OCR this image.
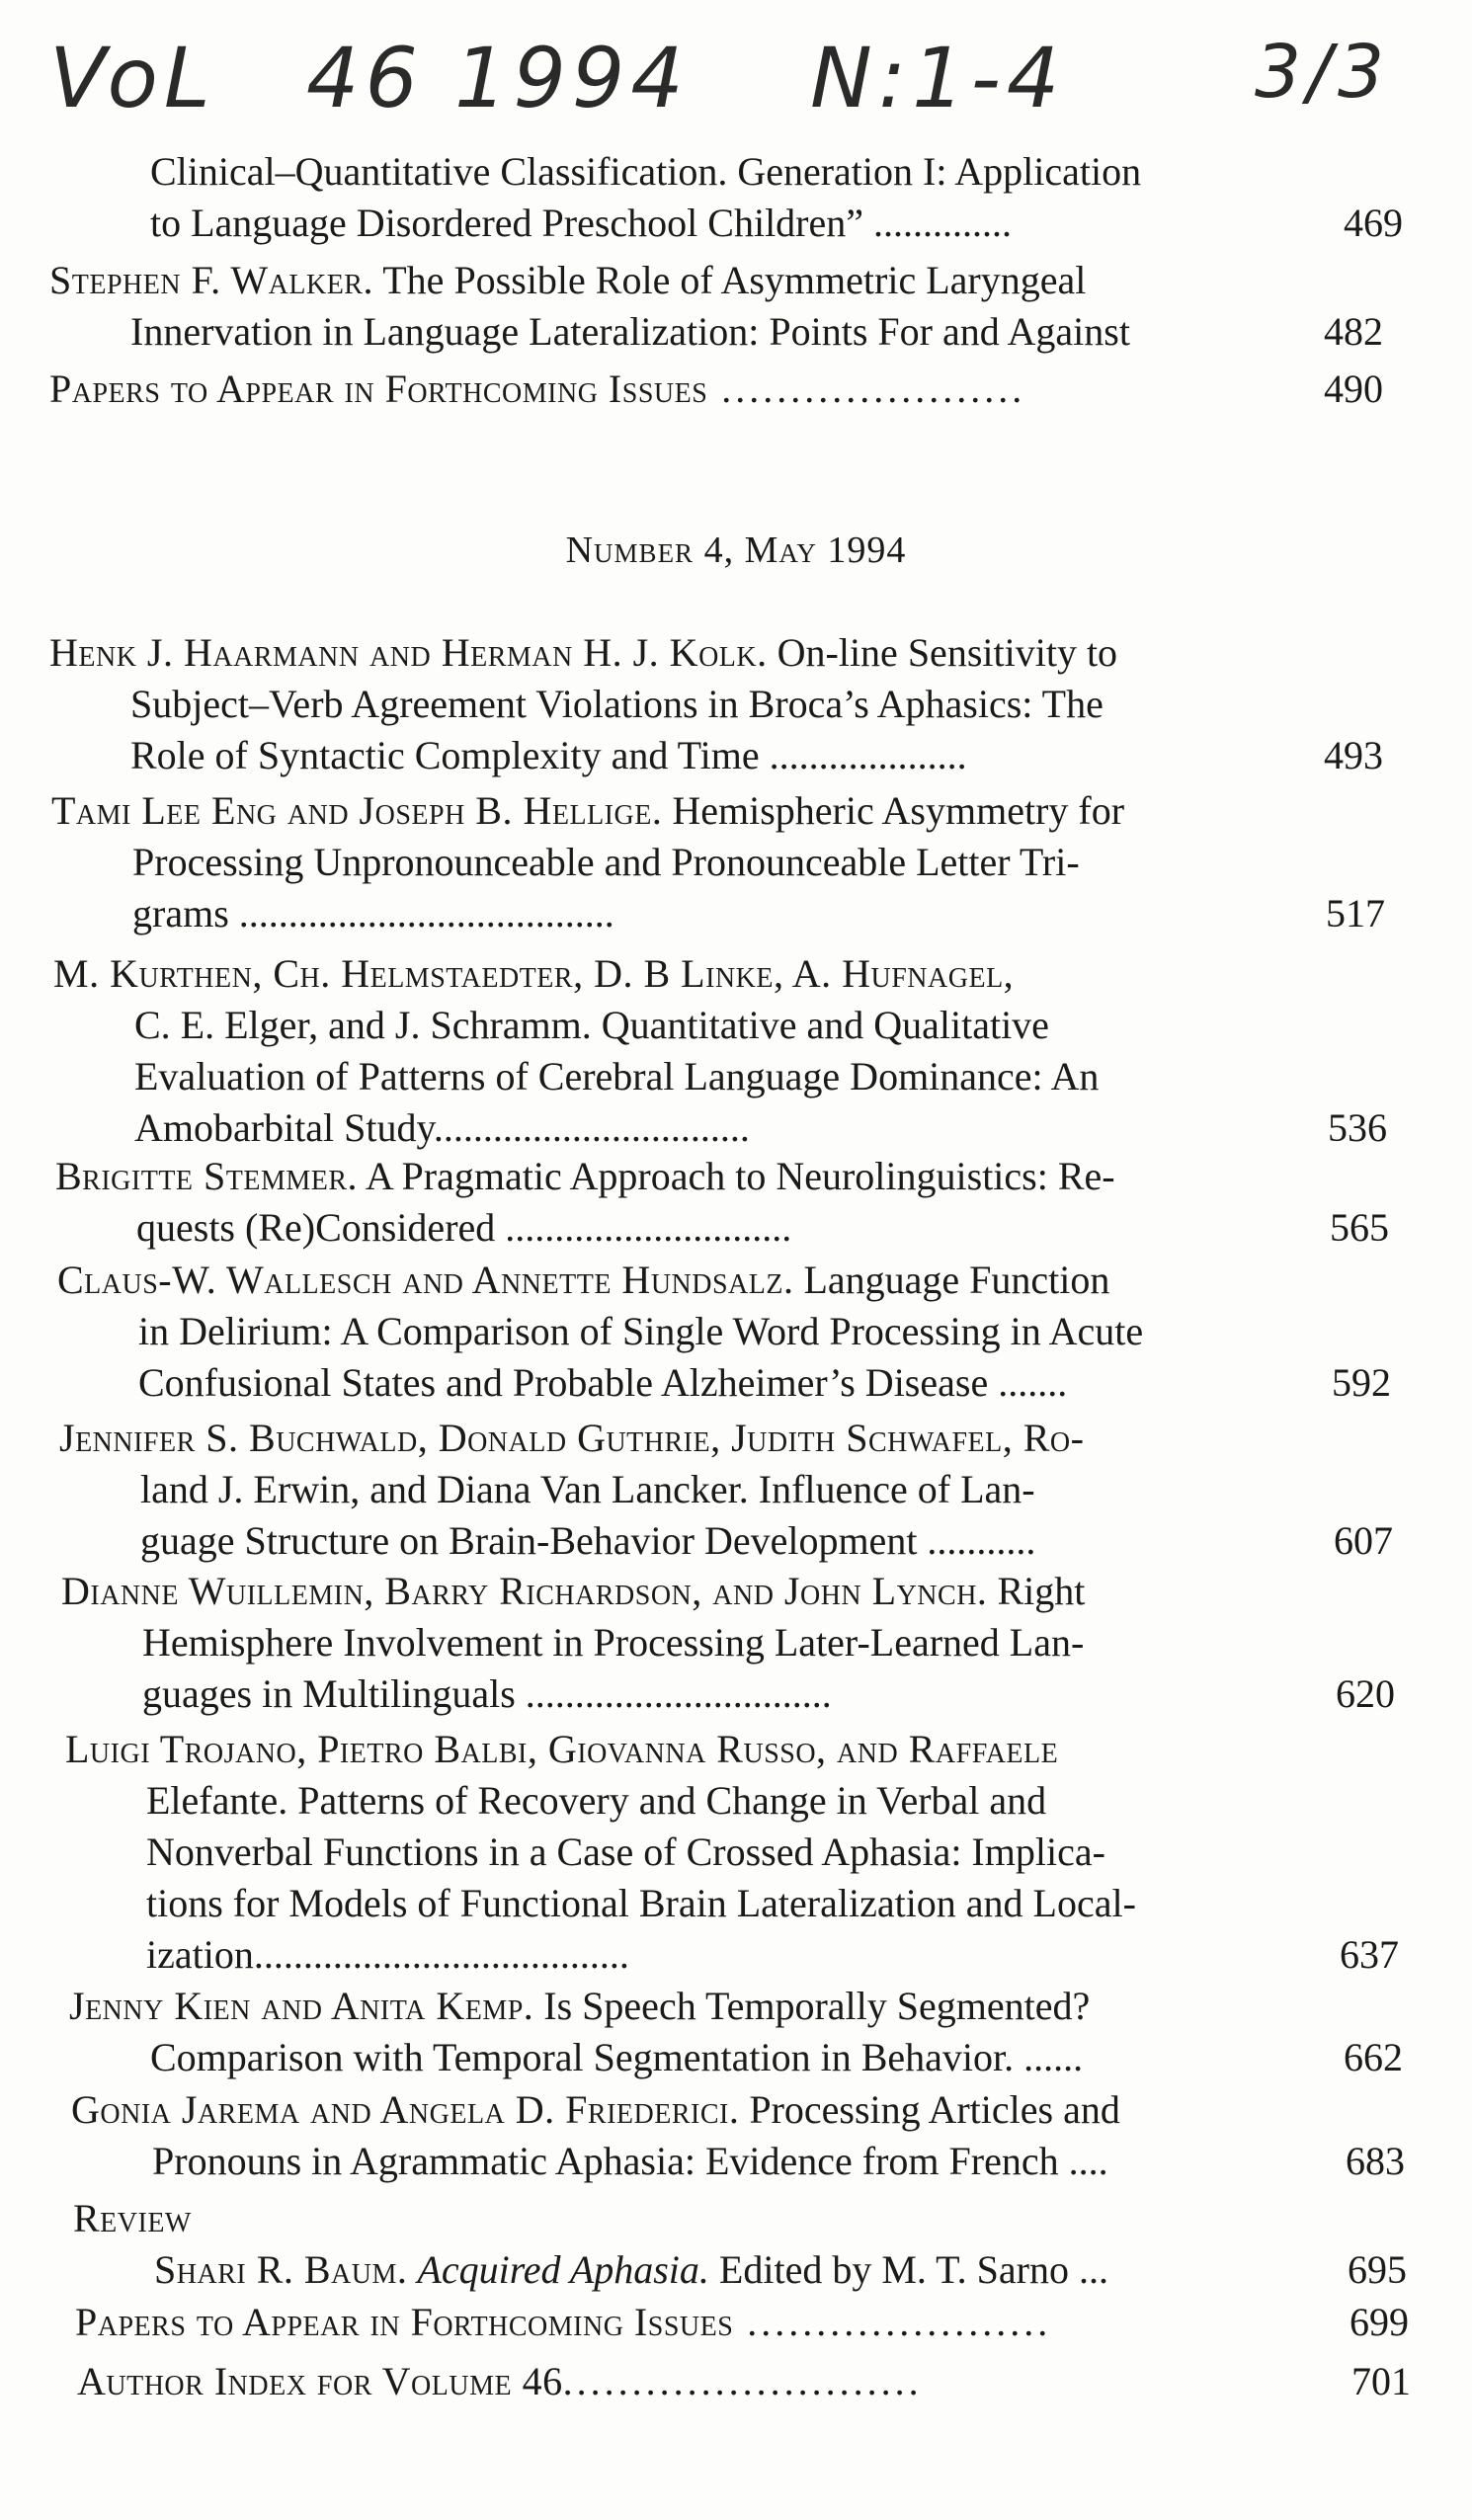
VoL 46 1994 N:1-4	3/3
Clinical–Quantitative Classification. Generation I: Application
to Language Disordered Preschool Children” ..............	469
Stephen F. Walker. The Possible Role of Asymmetric Laryngeal
Innervation in Language Lateralization: Points For and Against	482
Papers to Appear in Forthcoming Issues ......................	490
Number 4, May 1994
Henk J. Haarmann and Herman H. J. Kolk. On-line Sensitivity to
Subject–Verb Agreement Violations in Broca’s Aphasics: The
Role of Syntactic Complexity and Time ....................	493
Tami Lee Eng and Joseph B. Hellige. Hemispheric Asymmetry for
Processing Unpronounceable and Pronounceable Letter Tri-
grams ......................................	517
M. Kurthen, Ch. Helmstaedter, D. B Linke, A. Hufnagel,
C. E. Elger, and J. Schramm. Quantitative and Qualitative
Evaluation of Patterns of Cerebral Language Dominance: An
Amobarbital Study................................	536
Brigitte Stemmer. A Pragmatic Approach to Neurolinguistics: Re-
quests (Re)Considered .............................	565
Claus-W. Wallesch and Annette Hundsalz. Language Function
in Delirium: A Comparison of Single Word Processing in Acute
Confusional States and Probable Alzheimer’s Disease .......	592
Jennifer S. Buchwald, Donald Guthrie, Judith Schwafel, Ro-
land J. Erwin, and Diana Van Lancker. Influence of Lan-
guage Structure on Brain-Behavior Development ...........	607
Dianne Wuillemin, Barry Richardson, and John Lynch. Right
Hemisphere Involvement in Processing Later-Learned Lan-
guages in Multilinguals ...............................	620
Luigi Trojano, Pietro Balbi, Giovanna Russo, and Raffaele
Elefante. Patterns of Recovery and Change in Verbal and
Nonverbal Functions in a Case of Crossed Aphasia: Implica-
tions for Models of Functional Brain Lateralization and Local-
ization......................................	637
Jenny Kien and Anita Kemp. Is Speech Temporally Segmented?
Comparison with Temporal Segmentation in Behavior. ......	662
Gonia Jarema and Angela D. Friederici. Processing Articles and
Pronouns in Agrammatic Aphasia: Evidence from French ....	683
Review
Shari R. Baum. Acquired Aphasia. Edited by M. T. Sarno ...	695
Papers to Appear in Forthcoming Issues ......................	699
Author Index for Volume 46..........................	701
